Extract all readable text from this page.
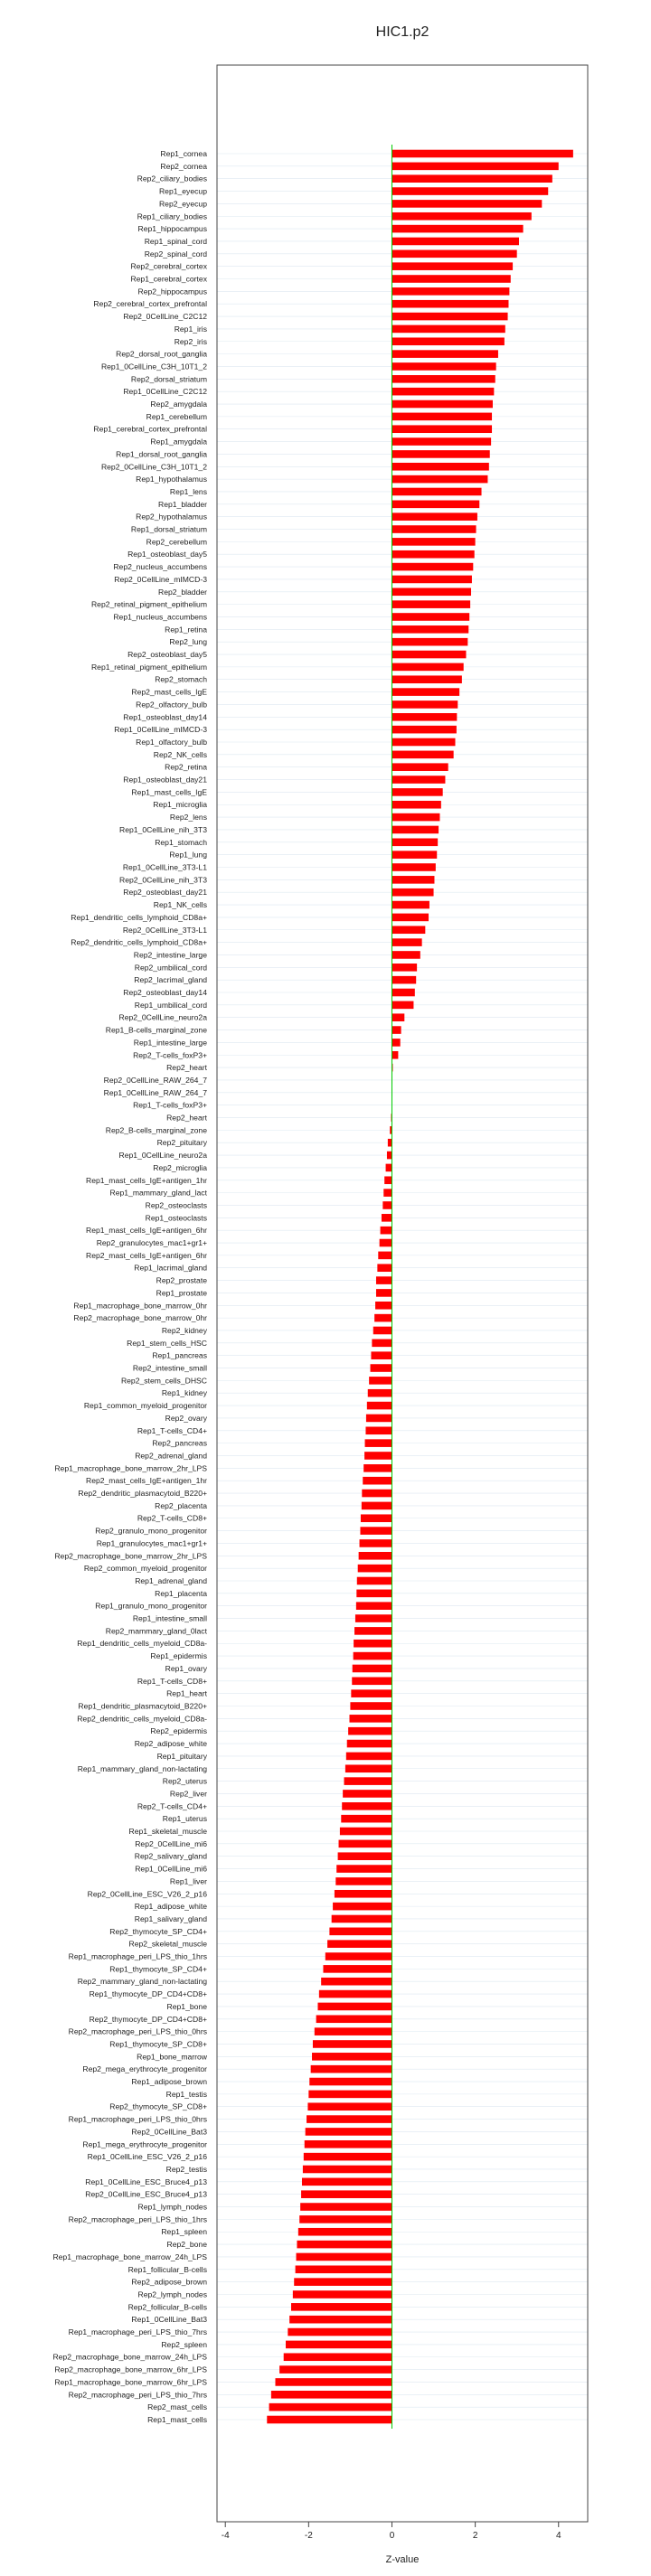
HIC1.p2
Rep1_cornea
Rep2_cornea
Rep2_ciliary_bodies
Rep1_eyecup
Rep2_eyecup
Rep1_ciliary_bodies
Rep1_hippocampus
Rep1_spinal_cord
Rep2_spinal_cord
Rep2_cerebral_cortex
Rep1_cerebral_cortex
Rep2_hippocampus
Rep2_cerebral_cortex_prefrontal
Rep2_0CellLine_C2C12
Rep1_iris
Rep2_iris
Rep2_dorsal_root_ganglia
Rep1_0CellLine_C3H_10T1_2
Rep2_dorsal_striatum
Rep1_0CellLine_C2C12
Rep2_amygdala
Rep1_cerebellum
Rep1_cerebral_cortex_prefrontal
Rep1_amygdala
Rep1_dorsal_root_ganglia
Rep2_0CellLine_C3H_10T1_2
Rep1_hypothalamus
Rep1_lens
Rep1_bladder
Rep2_hypothalamus
Rep1_dorsal_striatum
Rep2_cerebellum
Rep1_osteoblast_day5
Rep2_nucleus_accumbens
Rep2_0CellLine_mIMCD-3
Rep2_bladder
Rep2_retinal_pigment_epithelium
Rep1_nucleus_accumbens
Rep1_retina
Rep2_lung
Rep2_osteoblast_day5
Rep1_retinal_pigment_epithelium
Rep2_stomach
Rep2_mast_cells_IgE
Rep2_olfactory_bulb
Rep1_osteoblast_day14
Rep1_0CellLine_mIMCD-3
Rep1_olfactory_bulb
Rep2_NK_cells
Rep2_retina
Rep1_osteoblast_day21
Rep1_mast_cells_IgE
Rep1_microglia
Rep2_lens
Rep1_0CellLine_nih_3T3
Rep1_stomach
Rep1_lung
Rep1_0CellLine_3T3-L1
Rep2_0CellLine_nih_3T3
Rep2_osteoblast_day21
Rep1_NK_cells
Rep1_dendritic_cells_lymphoid_CD8a+
Rep2_0CellLine_3T3-L1
Rep2_dendritic_cells_lymphoid_CD8a+
Rep2_intestine_large
Rep2_umbilical_cord
Rep2_lacrimal_gland
Rep2_osteoblast_day14
Rep1_umbilical_cord
Rep2_0CellLine_neuro2a
Rep1_B-cells_marginal_zone
Rep1_intestine_large
Rep2_T-cells_foxP3+
Rep2_heart
Rep2_0CellLine_RAW_264_7
Rep1_0CellLine_RAW_264_7
Rep1_T-cells_foxP3+
Rep2_heart
Rep2_B-cells_marginal_zone
Rep2_pituitary
Rep1_0CellLine_neuro2a
Rep2_microglia
Rep1_mast_cells_IgE+antigen_1hr
Rep1_mammary_gland_lact
Rep2_osteoclasts
Rep1_osteoclasts
Rep1_mast_cells_IgE+antigen_6hr
Rep2_granulocytes_mac1+gr1+
Rep2_mast_cells_IgE+antigen_6hr
Rep1_lacrimal_gland
Rep2_prostate
Rep1_prostate
Rep1_macrophage_bone_marrow_0hr
Rep2_macrophage_bone_marrow_0hr
Rep2_kidney
Rep1_stem_cells_HSC
Rep1_pancreas
Rep2_intestine_small
Rep2_stem_cells_DHSC
Rep1_kidney
Rep1_common_myeloid_progenitor
Rep2_ovary
Rep1_T-cells_CD4+
Rep2_pancreas
Rep2_adrenal_gland
Rep1_macrophage_bone_marrow_2hr_LPS
Rep2_mast_cells_IgE+antigen_1hr
Rep2_dendritic_plasmacytoid_B220+
Rep2_placenta
Rep2_T-cells_CD8+
Rep2_granulo_mono_progenitor
Rep1_granulocytes_mac1+gr1+
Rep2_macrophage_bone_marrow_2hr_LPS
Rep2_common_myeloid_progenitor
Rep1_adrenal_gland
Rep1_placenta
Rep1_granulo_mono_progenitor
Rep1_intestine_small
Rep2_mammary_gland_0lact
Rep1_dendritic_cells_myeloid_CD8a-
Rep1_epidermis
Rep1_ovary
Rep1_T-cells_CD8+
Rep1_heart
Rep1_dendritic_plasmacytoid_B220+
Rep2_dendritic_cells_myeloid_CD8a-
Rep2_epidermis
Rep2_adipose_white
Rep1_pituitary
Rep1_mammary_gland_non-lactating
Rep2_uterus
Rep2_liver
Rep2_T-cells_CD4+
Rep1_uterus
Rep1_skeletal_muscle
Rep2_0CellLine_mi6
Rep2_salivary_gland
Rep1_0CellLine_mi6
Rep1_liver
Rep2_0CellLine_ESC_V26_2_p16
Rep1_adipose_white
Rep1_salivary_gland
Rep2_thymocyte_SP_CD4+
Rep2_skeletal_muscle
Rep1_macrophage_peri_LPS_thio_1hrs
Rep1_thymocyte_SP_CD4+
Rep2_mammary_gland_non-lactating
Rep1_thymocyte_DP_CD4+CD8+
Rep1_bone
Rep2_thymocyte_DP_CD4+CD8+
Rep2_macrophage_peri_LPS_thio_0hrs
Rep1_thymocyte_SP_CD8+
Rep1_bone_marrow
Rep2_mega_erythrocyte_progenitor
Rep1_adipose_brown
Rep1_testis
Rep2_thymocyte_SP_CD8+
Rep1_macrophage_peri_LPS_thio_0hrs
Rep2_0CellLine_Bat3
Rep1_mega_erythrocyte_progenitor
Rep1_0CellLine_ESC_V26_2_p16
Rep2_testis
Rep1_0CellLine_ESC_Bruce4_p13
Rep2_0CellLine_ESC_Bruce4_p13
Rep1_lymph_nodes
Rep2_macrophage_peri_LPS_thio_1hrs
Rep1_spleen
Rep2_bone
Rep1_macrophage_bone_marrow_24h_LPS
Rep1_follicular_B-cells
Rep2_adipose_brown
Rep2_lymph_nodes
Rep2_follicular_B-cells
Rep1_0CellLine_Bat3
Rep1_macrophage_peri_LPS_thio_7hrs
Rep2_spleen
Rep2_macrophage_bone_marrow_24h_LPS
Rep2_macrophage_bone_marrow_6hr_LPS
Rep1_macrophage_bone_marrow_6hr_LPS
Rep2_macrophage_peri_LPS_thio_7hrs
Rep2_mast_cells
Rep1_mast_cells
-4	-2	0	2	4
Z-value
